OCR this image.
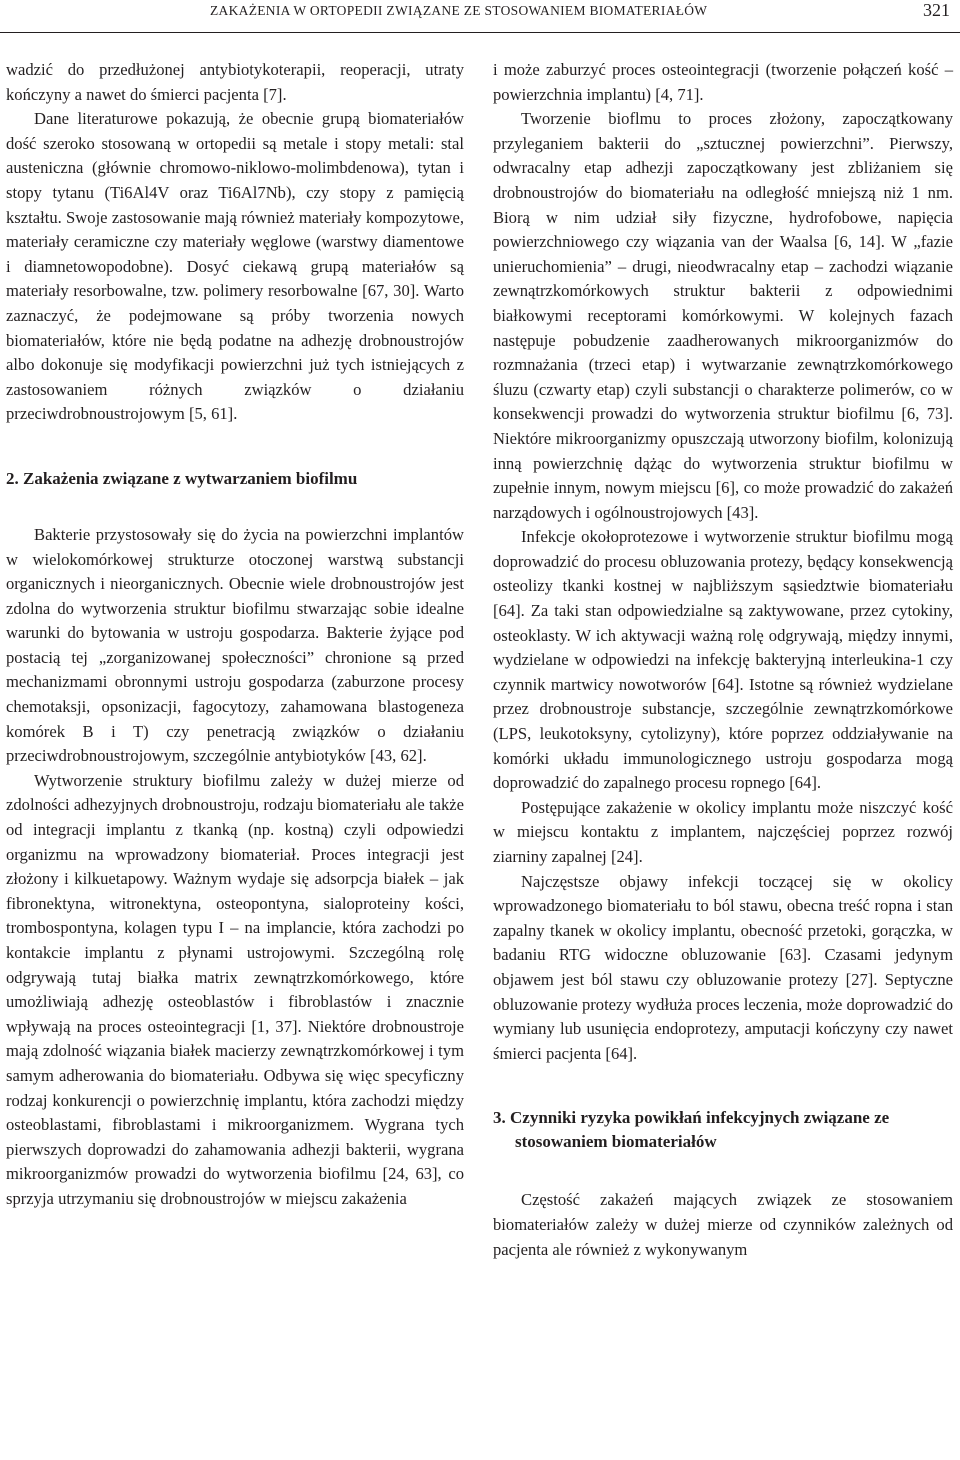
ZAKAŻENIA W ORTOPEDII ZWIĄZANE ZE STOSOWANIEM BIOMATERIAŁÓW	321

wadzić do przedłużonej antybiotykoterapii, reoperacji, utraty kończyny a nawet do śmierci pacjenta [7].

Dane literaturowe pokazują, że obecnie grupą biomateriałów dość szeroko stosowaną w ortopedii są metale i stopy metali: stal austeniczna (głównie chromowo-niklowo-molimbdenowa), tytan i stopy tytanu (Ti6Al4V oraz Ti6Al7Nb), czy stopy z pamięcią kształtu. Swoje zastosowanie mają również materiały kompozytowe, materiały ceramiczne czy materiały węglowe (warstwy diamentowe i diamnetowopodobne). Dosyć ciekawą grupą materiałów są materiały resorbowalne, tzw. polimery resorbowalne [67, 30]. Warto zaznaczyć, że podejmowane są próby tworzenia nowych biomateriałów, które nie będą podatne na adhezję drobnoustrojów albo dokonuje się modyfikacji powierzchni już tych istniejących z zastosowaniem różnych związków o działaniu przeciwdrobnoustrojowym [5, 61].

2. Zakażenia związane z wytwarzaniem biofilmu

Bakterie przystosowały się do życia na powierzchni implantów w wielokomórkowej strukturze otoczonej warstwą substancji organicznych i nieorganicznych. Obecnie wiele drobnoustrojów jest zdolna do wytworzenia struktur biofilmu stwarzając sobie idealne warunki do bytowania w ustroju gospodarza. Bakterie żyjące pod postacią tej „zorganizowanej społeczności” chronione są przed mechanizmami obronnymi ustroju gospodarza (zaburzone procesy chemotaksji, opsonizacji, fagocytozy, zahamowana blastogeneza komórek B i T) czy penetracją związków o działaniu przeciwdrobnoustrojowym, szczególnie antybiotyków [43, 62].

Wytworzenie struktury biofilmu zależy w dużej mierze od zdolności adhezyjnych drobnoustroju, rodzaju biomateriału ale także od integracji implantu z tkanką (np. kostną) czyli odpowiedzi organizmu na wprowadzony biomateriał. Proces integracji jest złożony i kilkuetapowy. Ważnym wydaje się adsorpcja białek – jak fibronektyna, witronektyna, osteopontyna, sialoproteiny kości, trombospontyna, kolagen typu I – na implancie, która zachodzi po kontakcie implantu z płynami ustrojowymi. Szczególną rolę odgrywają tutaj białka matrix zewnątrzkomórkowego, które umożliwiają adhezję osteoblastów i fibroblastów i znacznie wpływają na proces osteointegracji [1, 37]. Niektóre drobnoustroje mają zdolność wiązania białek macierzy zewnątrzkomórkowej i tym samym adherowania do biomateriału. Odbywa się więc specyficzny rodzaj konkurencji o powierzchnię implantu, która zachodzi między osteoblastami, fibroblastami i mikroorganizmem. Wygrana tych pierwszych doprowadzi do zahamowania adhezji bakterii, wygrana mikroorganizmów prowadzi do wytworzenia biofilmu [24, 63], co sprzyja utrzymaniu się drobnoustrojów w miejscu zakażenia

i może zaburzyć proces osteointegracji (tworzenie połączeń kość – powierzchnia implantu) [4, 71].

Tworzenie bioflmu to proces złożony, zapoczątkowany przyleganiem bakterii do „sztucznej powierzchni”. Pierwszy, odwracalny etap adhezji zapoczątkowany jest zbliżaniem się drobnoustrojów do biomateriału na odległość mniejszą niż 1 nm. Biorą w nim udział siły fizyczne, hydrofobowe, napięcia powierzchniowego czy wiązania van der Waalsa [6, 14]. W „fazie unieruchomienia” – drugi, nieodwracalny etap – zachodzi wiązanie zewnątrzkomórkowych struktur bakterii z odpowiednimi białkowymi receptorami komórkowymi. W kolejnych fazach następuje pobudzenie zaadherowanych mikroorganizmów do rozmnażania (trzeci etap) i wytwarzanie zewnątrzkomórkowego śluzu (czwarty etap) czyli substancji o charakterze polimerów, co w konsekwencji prowadzi do wytworzenia struktur biofilmu [6, 73]. Niektóre mikroorganizmy opuszczają utworzony biofilm, kolonizują inną powierzchnię dążąc do wytworzenia struktur biofilmu w zupełnie innym, nowym miejscu [6], co może prowadzić do zakażeń narządowych i ogólnoustrojowych [43].

Infekcje okołoprotezowe i wytworzenie struktur biofilmu mogą doprowadzić do procesu obluzowania protezy, będący konsekwencją osteolizy tkanki kostnej w najbliższym sąsiedztwie biomateriału [64]. Za taki stan odpowiedzialne są zaktywowane, przez cytokiny, osteoklasty. W ich aktywacji ważną rolę odgrywają, między innymi, wydzielane w odpowiedzi na infekcję bakteryjną interleukina-1 czy czynnik martwicy nowotworów [64]. Istotne są również wydzielane przez drobnoustroje substancje, szczególnie zewnątrzkomórkowe (LPS, leukotoksyny, cytolizyny), które poprzez oddziaływanie na komórki układu immunologicznego ustroju gospodarza mogą doprowadzić do zapalnego procesu ropnego [64].

Postępujące zakażenie w okolicy implantu może niszczyć kość w miejscu kontaktu z implantem, najczęściej poprzez rozwój ziarniny zapalnej [24].

Najczęstsze objawy infekcji toczącej się w okolicy wprowadzonego biomateriału to ból stawu, obecna treść ropna i stan zapalny tkanek w okolicy implantu, obecność przetoki, gorączka, w badaniu RTG widoczne obluzowanie [63]. Czasami jedynym objawem jest ból stawu czy obluzowanie protezy [27]. Septyczne obluzowanie protezy wydłuża proces leczenia, może doprowadzić do wymiany lub usunięcia endoprotezy, amputacji kończyny czy nawet śmierci pacjenta [64].

3. Czynniki ryzyka powikłań infekcyjnych związane ze stosowaniem biomateriałów

Częstość zakażeń mających związek ze stosowaniem biomateriałów zależy w dużej mierze od czynników zależnych od pacjenta ale również z wykonywanym
